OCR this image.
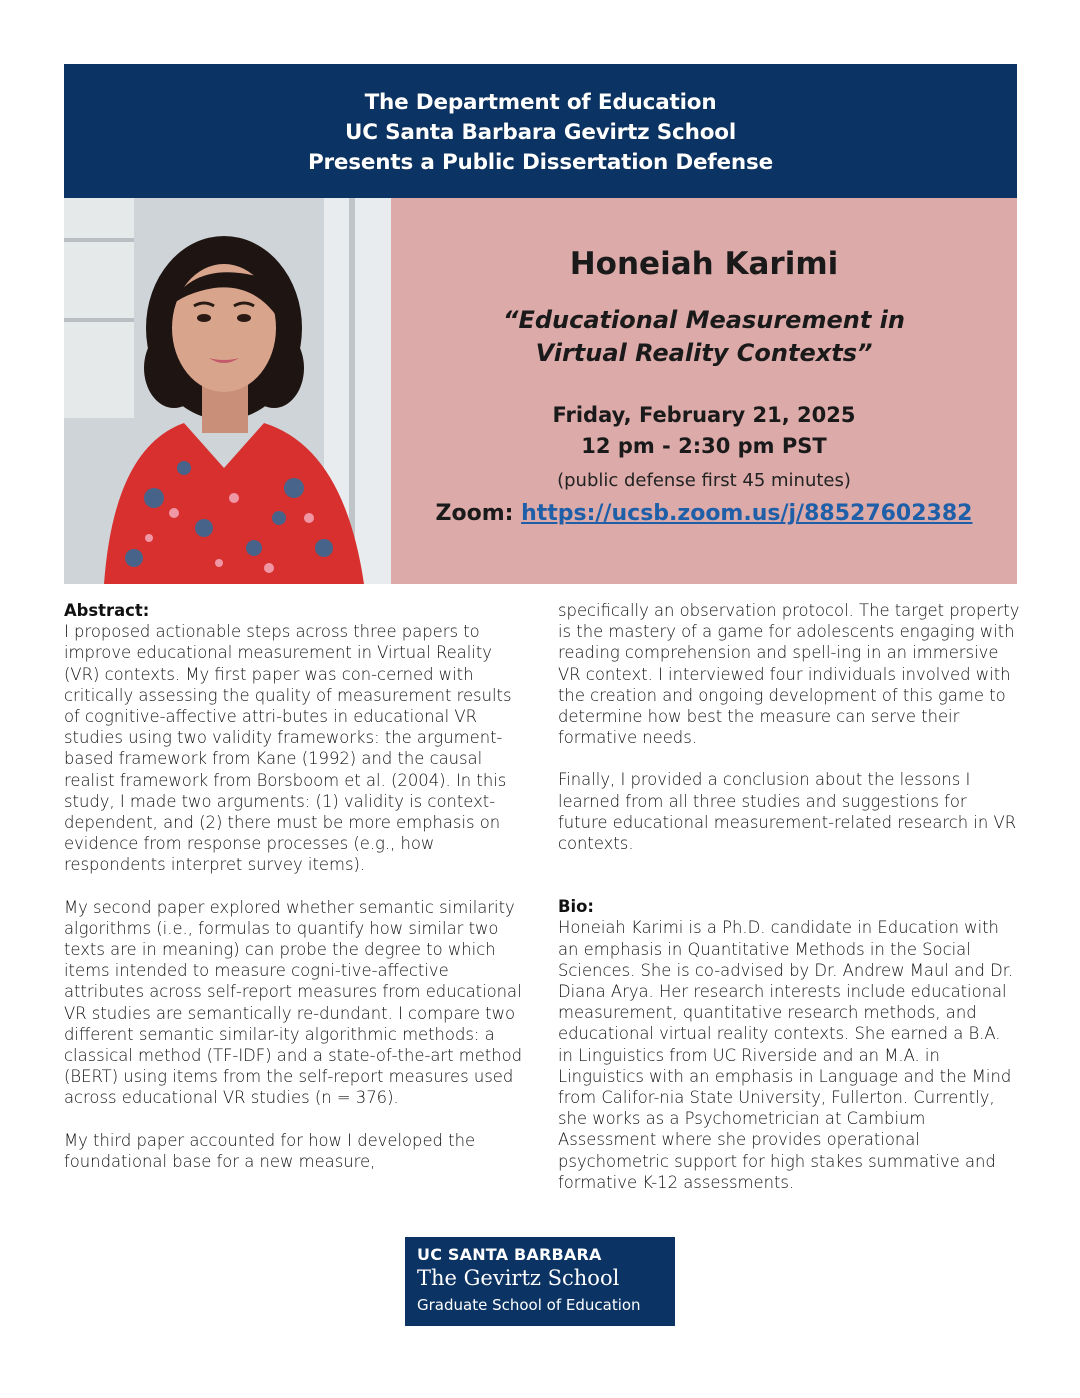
The Department of Education
UC Santa Barbara Gevirtz School
Presents a Public Dissertation Defense
Honeiah Karimi
“Educational Measurement in
Virtual Reality Contexts”
Friday, February 21, 2025
12 pm - 2:30 pm PST
(public defense first 45 minutes)
Zoom: https://ucsb.zoom.us/j/88527602382

Abstract:

I proposed actionable steps across three papers to improve educational measurement in Virtual Reality (VR) contexts. My first paper was con-cerned with critically assessing the quality of measurement results of cognitive-affective attri-butes in educational VR studies using two validity frameworks: the argument-based framework from Kane (1992) and the causal realist framework from Borsboom et al. (2004). In this study, I made two arguments: (1) validity is context-dependent, and (2) there must be more emphasis on evidence from response processes (e.g., how respondents interpret survey items).

My second paper explored whether semantic similarity algorithms (i.e., formulas to quantify how similar two texts are in meaning) can probe the degree to which items intended to measure cogni-tive-affective attributes across self-report measures from educational VR studies are semantically re-dundant. I compare two different semantic similar-ity algorithmic methods: a classical method (TF-IDF) and a state-of-the-art method (BERT) using items from the self-report measures used across educational VR studies (n = 376).

My third paper accounted for how I developed the foundational base for a new measure,

specifically an observation protocol. The target property is the mastery of a game for adolescents engaging with reading comprehension and spell-ing in an immersive VR context. I interviewed four individuals involved with the creation and ongoing development of this game to determine how best the measure can serve their formative needs.

Finally, I provided a conclusion about the lessons I learned from all three studies and suggestions for future educational measurement-related research in VR contexts.

Bio:

Honeiah Karimi is a Ph.D. candidate in Education with an emphasis in Quantitative Methods in the Social Sciences. She is co-advised by Dr. Andrew Maul and Dr. Diana Arya. Her research interests include educational measurement, quantitative research methods, and educational virtual reality contexts. She earned a B.A. in Linguistics from UC Riverside and an M.A. in Linguistics with an emphasis in Language and the Mind from Califor-nia State University, Fullerton. Currently, she works as a Psychometrician at Cambium Assessment where she provides operational psychometric support for high stakes summative and formative K-12 assessments.

UC SANTA BARBARA
The Gevirtz School
Graduate School of Education
